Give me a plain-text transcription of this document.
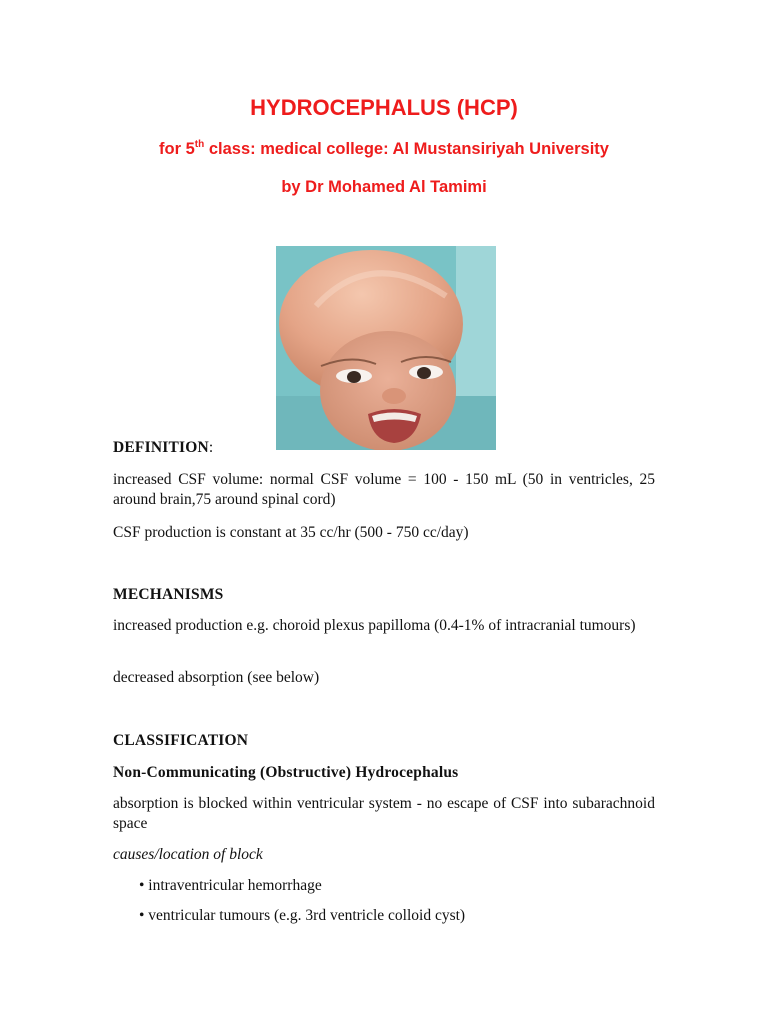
HYDROCEPHALUS (HCP)

for 5th class: medical college: Al Mustansiriyah University

by Dr Mohamed Al Tamimi

DEFINITION:

increased CSF volume: normal CSF volume = 100 - 150 mL (50 in ventricles, 25 around brain,75 around spinal cord)

CSF production is constant at 35 cc/hr (500 - 750 cc/day)

MECHANISMS

increased production e.g. choroid plexus papilloma (0.4-1% of intracranial tumours)

decreased absorption (see below)

CLASSIFICATION

Non-Communicating (Obstructive) Hydrocephalus

absorption is blocked within ventricular system - no escape of CSF into subarachnoid space

causes/location of block

• intraventricular hemorrhage

• ventricular tumours (e.g. 3rd ventricle colloid cyst)
